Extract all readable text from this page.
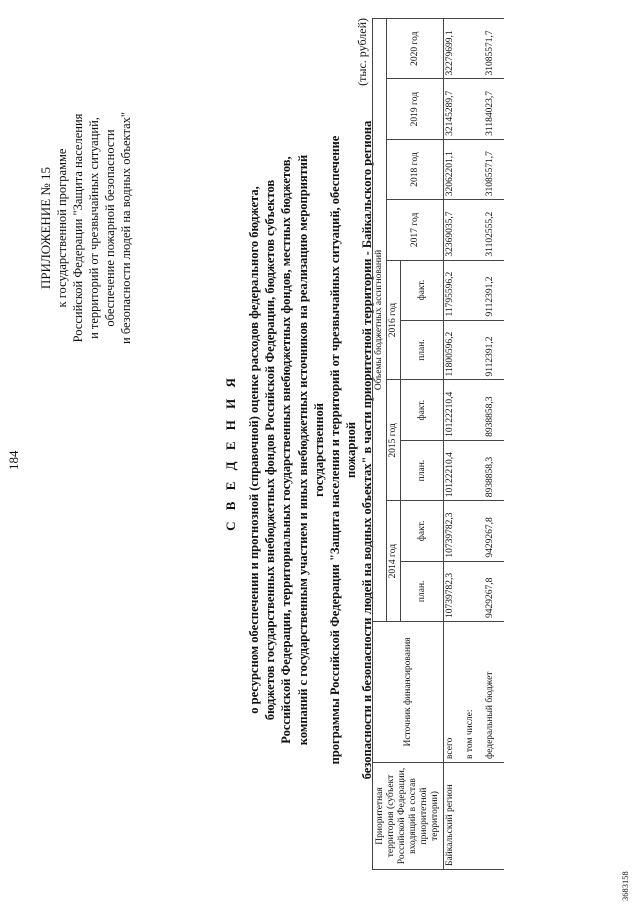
184
ПРИЛОЖЕНИЕ № 15 к государственной программе Российской Федерации "Защита населения и территорий от чрезвычайных ситуаций, обеспечение пожарной безопасности и безопасности людей на водных объектах"
С В Е Д Е Н И Я о ресурсном обеспечении и прогнозной (справочной) оценке расходов федерального бюджета, бюджетов государственных внебюджетных фондов Российской Федерации, бюджетов субъектов Российской Федерации, территориальных государственных внебюджетных фондов, местных бюджетов, компаний с государственным участием и иных внебюджетных источников на реализацию мероприятий государственной программы Российской Федерации "Защита населения и территорий от чрезвычайных ситуаций, обеспечение пожарной безопасности и безопасности людей на водных объектах" в части приоритетной территории - Байкальского региона
(тыс. рублей)
Приоритетная территория (субъект Российской Федерации, входящий в состав приоритетной территории)	Источник финансирования	Объемы бюджетных ассигнований									
		2014 год		2015 год		2016 год		2017 год	2018 год	2019 год	2020 год
		план.	факт.	план.	факт.	план.	факт.				
Байкальский регион	всего	10739782,3	10739782,3	10122210,4	10122210,4	11800596,2	11795596,2	32369035,7	32062201,1	32145289,7	32279699,1
	в том числе:										
	федеральный бюджет	9429267,8	9429267,8	8938858,3	8938858,3	9112391,2	9112391,2	31102555,2	31085571,7	31184023,7	31085571,7
3683158
